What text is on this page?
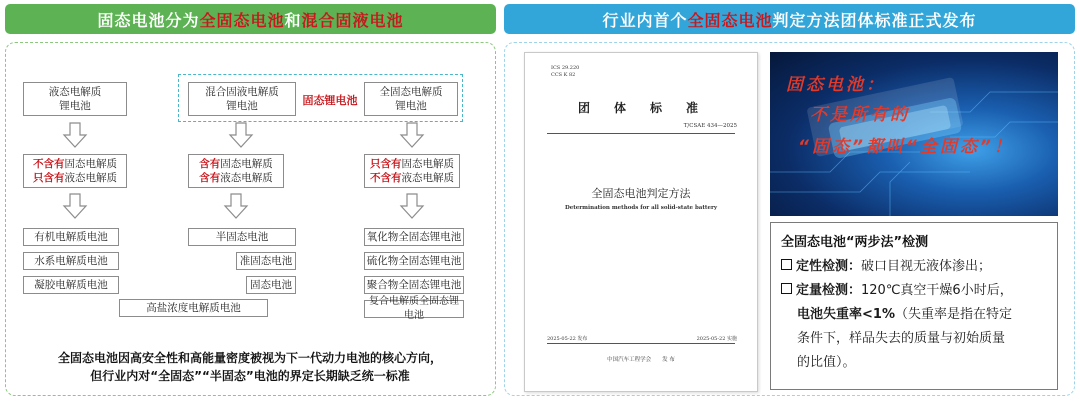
固态电池分为 全固态电池 和 混合固液电池	行业内首个 全固态电池 判定方法团体标准正式发布
液态电解质
锂电池
混合固液电解质
锂电池	固态锂电池
全固态电解质
锂电池
不含有固态电解质
只含有液态电解质
含有固态电解质
含有液态电解质
只含有固态电解质
不含有液态电解质
有机电解质电池
水系电解质电池
凝胶电解质电池
半固态电池
准固态电池
固态电池
氧化物全固态锂电池
硫化物全固态锂电池
聚合物全固态锂电池
复合电解质全固态锂电池
高盐浓度电解质电池
全固态电池因高安全性和高能量密度被视为下一代动力电池的核心方向，
但行业内对“全固态”“半固态”电池的界定长期缺乏统一标准
ICS 29.220
CCS K 82
团　体　标　准
T/CSAE 434—2025
全固态电池判定方法
Determination methods for all solid-state battery
2025-05-22 发布	2025-05-22 实施
中国汽车工程学会　　发 布
固态电池：
不是所有的
“固态”都叫“全固态”！
全固态电池“两步法”检测
定性检测：破口目视无液体渗出；
定量检测：120℃真空干燥6小时后，
电池失重率<1%（失重率是指在特定
条件下，样品失去的质量与初始质量
的比值）。
